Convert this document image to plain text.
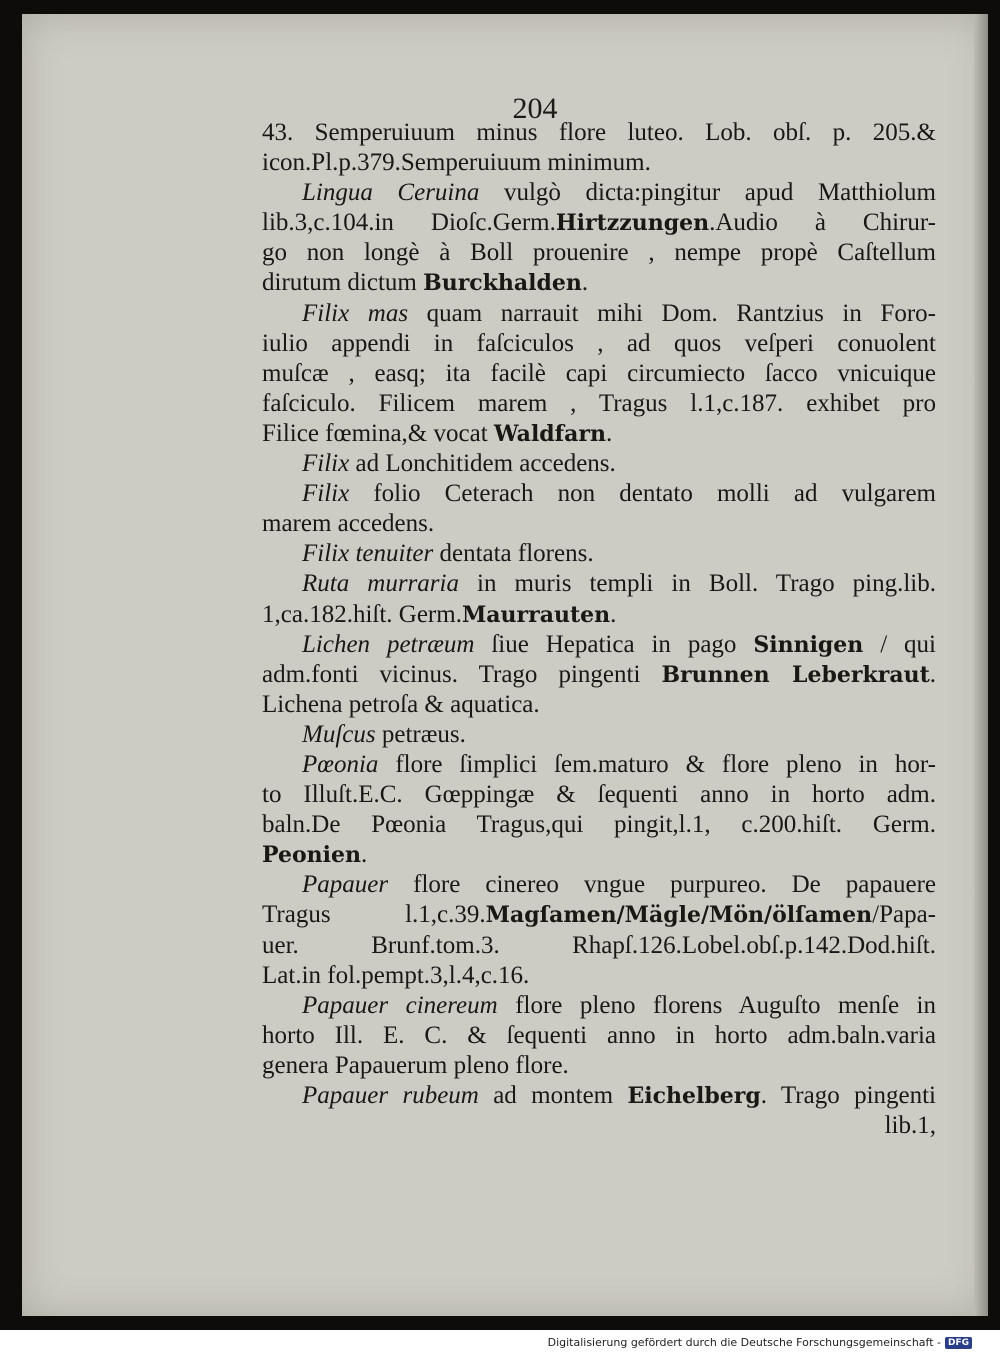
204
43. Semperuiuum minus flore luteo. Lob. obſ. p. 205.&
icon.Pl.p.379.Semperuiuum minimum.
Lingua Ceruina vulgò dicta:pingitur apud Matthiolum
lib.3,c.104.in Dioſc.Germ.Hirtzzungen.Audio à Chirur-
go non longè à Boll prouenire , nempe propè Caſtellum
dirutum dictum Burckhalden.
Filix mas quam narrauit mihi Dom. Rantzius in Foro-
iulio appendi in faſciculos , ad quos veſperi conuolent
muſcæ , easq; ita facilè capi circumiecto ſacco vnicuique
faſciculo. Filicem marem , Tragus l.1,c.187. exhibet pro
Filice fœmina,& vocat Waldfarn.
Filix ad Lonchitidem accedens.
Filix folio Ceterach non dentato molli ad vulgarem
marem accedens.
Filix tenuiter dentata florens.
Ruta murraria in muris templi in Boll. Trago ping.lib.
1,ca.182.hiſt. Germ.Maurrauten.
Lichen petræum ſiue Hepatica in pago Sinnigen / qui
adm.fonti vicinus. Trago pingenti Brunnen Leberkraut.
Lichena petroſa & aquatica.
Muſcus petræus.
Pœonia flore ſimplici ſem.maturo & flore pleno in hor-
to Illuſt.E.C. Gœppingæ & ſequenti anno in horto adm.
baln.De Pœonia Tragus,qui pingit,l.1, c.200.hiſt. Germ.
Peonien.
Papauer flore cinereo vngue purpureo. De papauere
Tragus l.1,c.39.Magſamen/Mägle/Mön/ölſamen/Papa-
uer. Brunf.tom.3. Rhapſ.126.Lobel.obſ.p.142.Dod.hiſt.
Lat.in fol.pempt.3,l.4,c.16.
Papauer cinereum flore pleno florens Auguſto menſe in
horto Ill. E. C. & ſequenti anno in horto adm.baln.varia
genera Papauerum pleno flore.
Papauer rubeum ad montem Eichelberg. Trago pingenti
lib.1,
Digitalisierung gefördert durch die Deutsche Forschungsgemeinschaft - DFG
